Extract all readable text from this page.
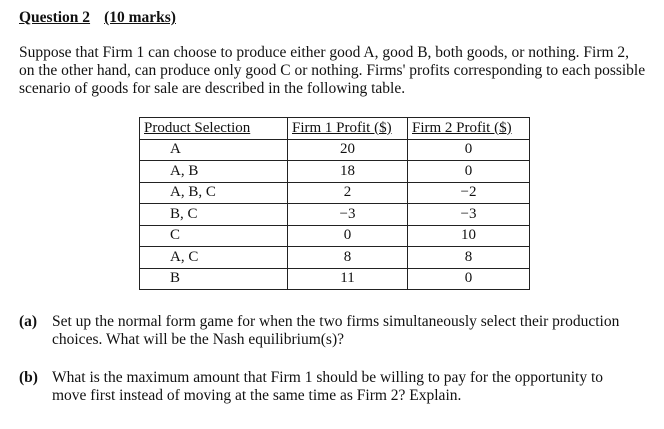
Question 2 (10 marks)
Suppose that Firm 1 can choose to produce either good A, good B, both goods, or nothing. Firm 2,
on the other hand, can produce only good C or nothing. Firms' profits corresponding to each possible
scenario of goods for sale are described in the following table.
Product Selection	Firm 1 Profit ($)	Firm 2 Profit ($)
A	20	0
A, B	18	0
A, B, C	2	−2
B, C	−3	−3
C	0	10
A, C	8	8
B	11	0
(a) Set up the normal form game for when the two firms simultaneously select their production
choices. What will be the Nash equilibrium(s)?
(b) What is the maximum amount that Firm 1 should be willing to pay for the opportunity to
move first instead of moving at the same time as Firm 2? Explain.
